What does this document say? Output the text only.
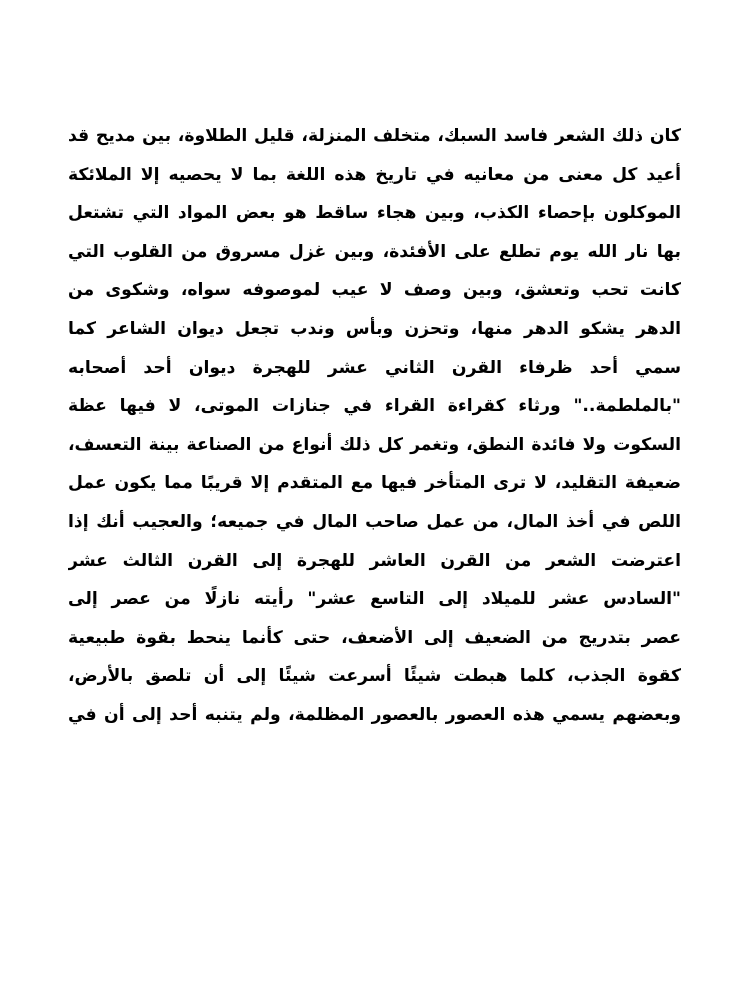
كان ذلك الشعر فاسد السبك، متخلف المنزلة، قليل الطلاوة، بين مديح قد
أعيد كل معنى من معانيه في تاريخ هذه اللغة بما لا يحصيه إلا الملائكة
الموكلون بإحصاء الكذب، وبين هجاء ساقط هو بعض المواد التي تشتعل
بها نار الله يوم تطلع على الأفئدة، وبين غزل مسروق من القلوب التي
كانت تحب وتعشق، وبين وصف لا عيب لموصوفه سواه، وشكوى من
الدهر يشكو الدهر منها، وتحزن وبأس وندب تجعل ديوان الشاعر كما
سمي أحد ظرفاء القرن الثاني عشر للهجرة ديوان أحد أصحابه
"بالملطمة.." ورثاء كقراءة القراء في جنازات الموتى، لا فيها عظة
السكوت ولا فائدة النطق، وتغمر كل ذلك أنواع من الصناعة بينة التعسف،
ضعيفة التقليد، لا ترى المتأخر فيها مع المتقدم إلا قريبًا مما يكون عمل
اللص في أخذ المال، من عمل صاحب المال في جميعه؛ والعجيب أنك إذا
اعترضت الشعر من القرن العاشر للهجرة إلى القرن الثالث عشر
"السادس عشر للميلاد إلى التاسع عشر" رأيته نازلًا من عصر إلى
عصر بتدريج من الضعيف إلى الأضعف، حتى كأنما ينحط بقوة طبيعية
كقوة الجذب، كلما هبطت شيئًا أسرعت شيئًا إلى أن تلصق بالأرض،
وبعضهم يسمي هذه العصور بالعصور المظلمة، ولم يتنبه أحد إلى أن في
